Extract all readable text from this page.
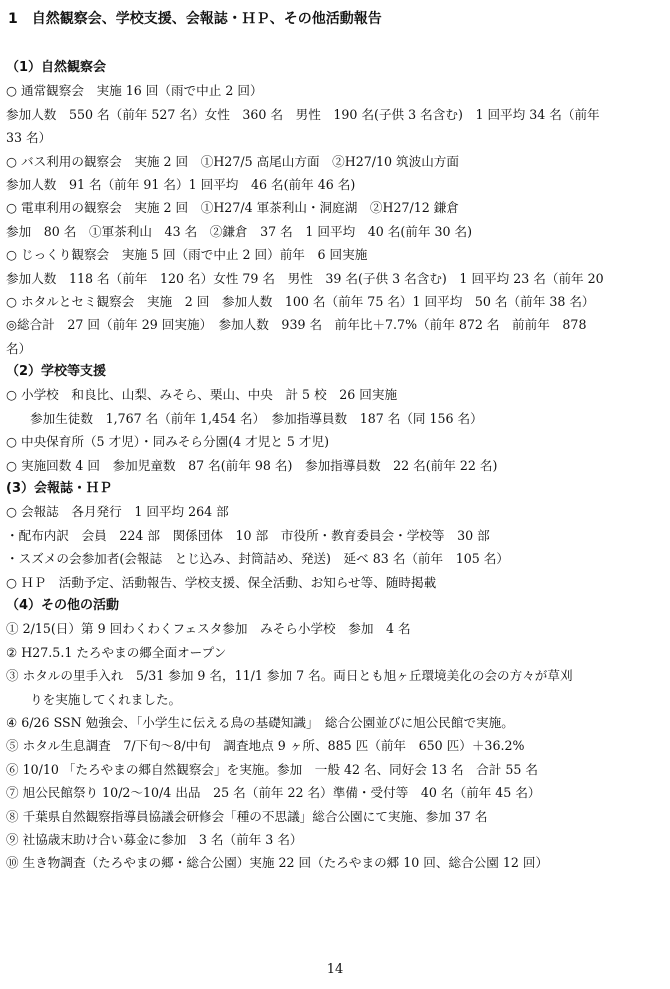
1　自然観察会、学校支援、会報誌・ＨＰ、その他活動報告
（1）自然観察会
○ 通常観察会　実施 16 回（雨で中止 2 回）
参加人数　550 名（前年 527 名）女性　360 名　男性　190 名(子供 3 名含む)　1 回平均 34 名（前年
33 名）
○ バス利用の観察会　実施 2 回　①H27/5 高尾山方面　②H27/10 筑波山方面
参加人数　91 名（前年 91 名）1 回平均　46 名(前年 46 名)
○ 電車利用の観察会　実施 2 回　①H27/4 軍茶利山・洞庭湖　②H27/12 鎌倉
参加　80 名　①軍茶利山　43 名　②鎌倉　37 名　1 回平均　40 名(前年 30 名)
○ じっくり観察会　実施 5 回（雨で中止 2 回）前年　6 回実施
参加人数　118 名（前年　120 名）女性 79 名　男性　39 名(子供 3 名含む)　1 回平均 23 名（前年 20
○ ホタルとセミ観察会　実施　2 回　参加人数　100 名（前年 75 名）1 回平均　50 名（前年 38 名）
◎総合計　27 回（前年 29 回実施）　参加人数　939 名　前年比＋7.7%（前年 872 名　前前年　878
名）
（2）学校等支援
○ 小学校　和良比、山梨、みそら、栗山、中央　計 5 校　26 回実施
参加生徒数　1,767 名（前年 1,454 名）　参加指導員数　187 名（同 156 名）
○ 中央保育所（5 才児）・同みそら分園(4 才児と 5 才児)
○ 実施回数 4 回　参加児童数　87 名(前年 98 名)　参加指導員数　22 名(前年 22 名)
(3）会報誌・ＨＰ
○ 会報誌　各月発行　1 回平均 264 部
・配布内訳　会員　224 部　関係団体　10 部　市役所・教育委員会・学校等　30 部
・スズメの会参加者(会報誌　とじ込み、封筒詰め、発送)　延べ 83 名（前年　105 名）
○ ＨＰ　活動予定、活動報告、学校支援、保全活動、お知らせ等、随時掲載
（4）その他の活動
① 2/15(日）第 9 回わくわくフェスタ参加　みそら小学校　参加　4 名
② H27.5.1 たろやまの郷全面オープン
③ ホタルの里手入れ　5/31 参加 9 名，11/1 参加 7 名。両日とも旭ヶ丘環境美化の会の方々が草刈
りを実施してくれました。
④ 6/26 SSN 勉強会、「小学生に伝える鳥の基礎知識」　総合公園並びに旭公民館で実施。
⑤ ホタル生息調査　7/下旬～8/中旬　調査地点 9 ヶ所、885 匹（前年　650 匹）＋36.2%
⑥ 10/10 「たろやまの郷自然観察会」を実施。参加　一般 42 名、同好会 13 名　合計 55 名
⑦ 旭公民館祭り 10/2～10/4 出品　25 名（前年 22 名）準備・受付等　40 名（前年 45 名）
⑧ 千葉県自然観察指導員協議会研修会「種の不思議」総合公園にて実施、参加 37 名
⑨ 社協歳末助け合い募金に参加　3 名（前年 3 名）
⑩ 生き物調査（たろやまの郷・総合公園）実施 22 回（たろやまの郷 10 回、総合公園 12 回）
14
